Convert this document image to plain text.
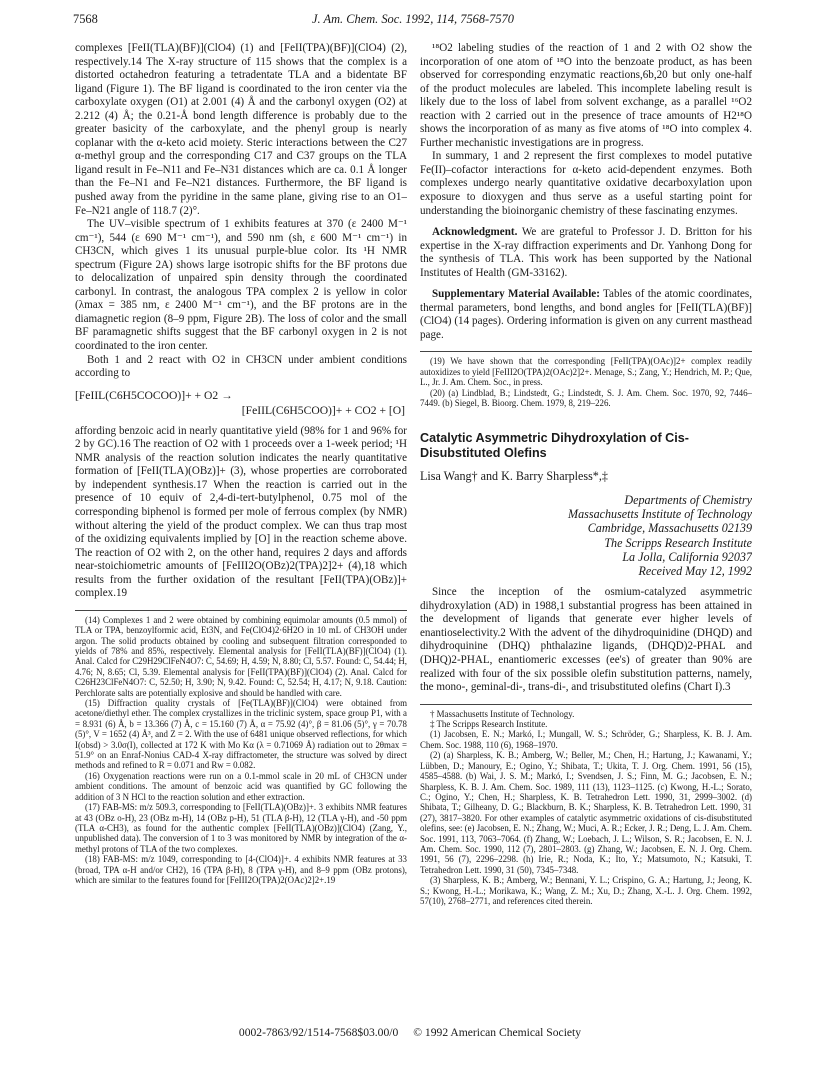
7568	J. Am. Chem. Soc. 1992, 114, 7568-7570

complexes [FeII(TLA)(BF)](ClO4) (1) and [FeII(TPA)(BF)](ClO4) (2), respectively.14 The X-ray structure of 115 shows that the complex is a distorted octahedron featuring a tetradentate TLA and a bidentate BF ligand (Figure 1). The BF ligand is coordinated to the iron center via the carboxylate oxygen (O1) at 2.001 (4) Å and the carbonyl oxygen (O2) at 2.212 (4) Å; the 0.21-Å bond length difference is probably due to the greater basicity of the carboxylate, and the phenyl group is nearly coplanar with the α-keto acid moiety. Steric interactions between the C27 α-methyl group and the corresponding C17 and C37 groups on the TLA ligand result in Fe–N11 and Fe–N31 distances which are ca. 0.1 Å longer than the Fe–N1 and Fe–N21 distances. Furthermore, the BF ligand is pushed away from the pyridine in the same plane, giving rise to an O1–Fe–N21 angle of 118.7 (2)°.

The UV–visible spectrum of 1 exhibits features at 370 (ε 2400 M⁻¹ cm⁻¹), 544 (ε 690 M⁻¹ cm⁻¹), and 590 nm (sh, ε 600 M⁻¹ cm⁻¹) in CH3CN, which gives 1 its unusual purple-blue color. Its ¹H NMR spectrum (Figure 2A) shows large isotropic shifts for the BF protons due to delocalization of unpaired spin density through the coordinated carbonyl. In contrast, the analogous TPA complex 2 is yellow in color (λmax = 385 nm, ε 2400 M⁻¹ cm⁻¹), and the BF protons are in the diamagnetic region (8–9 ppm, Figure 2B). The loss of color and the small BF paramagnetic shifts suggest that the BF carbonyl oxygen in 2 is not coordinated to the iron center.

Both 1 and 2 react with O2 in CH3CN under ambient conditions according to

[FeIIL(C6H5COCOO)]+ + O2 →
[FeIIL(C6H5COO)]+ + CO2 + [O]

affording benzoic acid in nearly quantitative yield (98% for 1 and 96% for 2 by GC).16 The reaction of O2 with 1 proceeds over a 1-week period; ¹H NMR analysis of the reaction solution indicates the nearly quantitative formation of [FeII(TLA)(OBz)]+ (3), whose properties are corroborated by independent synthesis.17 When the reaction is carried out in the presence of 10 equiv of 2,4-di-tert-butylphenol, 0.75 mol of the corresponding biphenol is formed per mole of ferrous complex (by NMR) without altering the yield of the product complex. We can thus trap most of the oxidizing equivalents implied by [O] in the reaction scheme above. The reaction of O2 with 2, on the other hand, requires 2 days and affords near-stoichiometric amounts of [FeIII2O(OBz)2(TPA)2]2+ (4),18 which results from the further oxidation of the resultant [FeII(TPA)(OBz)]+ complex.19

(14) Complexes 1 and 2 were obtained by combining equimolar amounts (0.5 mmol) of TLA or TPA, benzoylformic acid, Et3N, and Fe(ClO4)2·6H2O in 10 mL of CH3OH under argon. The solid products obtained by cooling and subsequent filtration corresponded to yields of 78% and 85%, respectively. Elemental analysis for [FeII(TLA)(BF)](ClO4) (1). Anal. Calcd for C29H29ClFeN4O7: C, 54.69; H, 4.59; N, 8.80; Cl, 5.57. Found: C, 54.44; H, 4.76; N, 8.65; Cl, 5.39. Elemental analysis for [FeII(TPA)(BF)](ClO4) (2). Anal. Calcd for C26H23ClFeN4O7: C, 52.50; H, 3.90; N, 9.42. Found: C, 52.54; H, 4.17; N, 9.18. Caution: Perchlorate salts are potentially explosive and should be handled with care.

(15) Diffraction quality crystals of [Fe(TLA)(BF)](ClO4) were obtained from acetone/diethyl ether. The complex crystallizes in the triclinic system, space group P1, with a = 8.931 (6) Å, b = 13.366 (7) Å, c = 15.160 (7) Å, α = 75.92 (4)°, β = 81.06 (5)°, γ = 70.78 (5)°, V = 1652 (4) Å³, and Z = 2. With the use of 6481 unique observed reflections, for which I(obsd) > 3.0σ(I), collected at 172 K with Mo Kα (λ = 0.71069 Å) radiation out to 2θmax = 51.9° on an Enraf-Nonius CAD-4 X-ray diffractometer, the structure was solved by direct methods and refined to R = 0.071 and Rw = 0.082.

(16) Oxygenation reactions were run on a 0.1-mmol scale in 20 mL of CH3CN under ambient conditions. The amount of benzoic acid was quantified by GC following the addition of 3 N HCl to the reaction solution and ether extraction.

(17) FAB-MS: m/z 509.3, corresponding to [FeII(TLA)(OBz)]+. 3 exhibits NMR features at 43 (OBz o-H), 23 (OBz m-H), 14 (OBz p-H), 51 (TLA β-H), 12 (TLA γ-H), and -50 ppm (TLA α-CH3), as found for the authentic complex [FeII(TLA)(OBz)](ClO4) (Zang, Y., unpublished data). The conversion of 1 to 3 was monitored by NMR by integration of the α-methyl protons of TLA of the two complexes.

(18) FAB-MS: m/z 1049, corresponding to [4-(ClO4)]+. 4 exhibits NMR features at 33 (broad, TPA α-H and/or CH2), 16 (TPA β-H), 8 (TPA γ-H), and 8–9 ppm (OBz protons), which are similar to the features found for [FeIII2O(TPA)2(OAc)2]2+.19

¹⁸O2 labeling studies of the reaction of 1 and 2 with O2 show the incorporation of one atom of ¹⁸O into the benzoate product, as has been observed for corresponding enzymatic reactions,6b,20 but only one-half of the product molecules are labeled. This incomplete labeling result is likely due to the loss of label from solvent exchange, as a parallel ¹⁶O2 reaction with 2 carried out in the presence of trace amounts of H2¹⁸O shows the incorporation of as many as five atoms of ¹⁸O into complex 4. Further mechanistic investigations are in progress.

In summary, 1 and 2 represent the first complexes to model putative Fe(II)–cofactor interactions for α-keto acid-dependent enzymes. Both complexes undergo nearly quantitative oxidative decarboxylation upon exposure to dioxygen and thus serve as a useful starting point for understanding the bioinorganic chemistry of these fascinating enzymes.

Acknowledgment. We are grateful to Professor J. D. Britton for his expertise in the X-ray diffraction experiments and Dr. Yanhong Dong for the synthesis of TLA. This work has been supported by the National Institutes of Health (GM-33162).

Supplementary Material Available: Tables of the atomic coordinates, thermal parameters, bond lengths, and bond angles for [FeII(TLA)(BF)](ClO4) (14 pages). Ordering information is given on any current masthead page.

(19) We have shown that the corresponding [FeII(TPA)(OAc)]2+ complex readily autoxidizes to yield [FeIII2O(TPA)2(OAc)2]2+. Menage, S.; Zang, Y.; Hendrich, M. P.; Que, L., Jr. J. Am. Chem. Soc., in press.

(20) (a) Lindblad, B.; Lindstedt, G.; Lindstedt, S. J. Am. Chem. Soc. 1970, 92, 7446–7449. (b) Siegel, B. Bioorg. Chem. 1979, 8, 219–226.

Catalytic Asymmetric Dihydroxylation of Cis-Disubstituted Olefins
Lisa Wang† and K. Barry Sharpless*,‡
Departments of Chemistry
Massachusetts Institute of Technology
Cambridge, Massachusetts 02139
The Scripps Research Institute
La Jolla, California 92037
Received May 12, 1992

Since the inception of the osmium-catalyzed asymmetric dihydroxylation (AD) in 1988,1 substantial progress has been attained in the development of ligands that generate ever higher levels of enantioselectivity.2 With the advent of the dihydroquinidine (DHQD) and dihydroquinine (DHQ) phthalazine ligands, (DHQD)2-PHAL and (DHQ)2-PHAL, enantiomeric excesses (ee's) of greater than 90% are realized with four of the six possible olefin substitution patterns, namely, the mono-, geminal-di-, trans-di-, and trisubstituted olefins (Chart I).3

† Massachusetts Institute of Technology.

‡ The Scripps Research Institute.

(1) Jacobsen, E. N.; Markó, I.; Mungall, W. S.; Schröder, G.; Sharpless, K. B. J. Am. Chem. Soc. 1988, 110 (6), 1968–1970.

(2) (a) Sharpless, K. B.; Amberg, W.; Beller, M.; Chen, H.; Hartung, J.; Kawanami, Y.; Lübben, D.; Manoury, E.; Ogino, Y.; Shibata, T.; Ukita, T. J. Org. Chem. 1991, 56 (15), 4585–4588. (b) Wai, J. S. M.; Markó, I.; Svendsen, J. S.; Finn, M. G.; Jacobsen, E. N.; Sharpless, K. B. J. Am. Chem. Soc. 1989, 111 (13), 1123–1125. (c) Kwong, H.-L.; Sorato, C.; Ogino, Y.; Chen, H.; Sharpless, K. B. Tetrahedron Lett. 1990, 31, 2999–3002. (d) Shibata, T.; Gilheany, D. G.; Blackburn, B. K.; Sharpless, K. B. Tetrahedron Lett. 1990, 31 (27), 3817–3820. For other examples of catalytic asymmetric oxidations of cis-disubstituted olefins, see: (e) Jacobsen, E. N.; Zhang, W.; Muci, A. R.; Ecker, J. R.; Deng, L. J. Am. Chem. Soc. 1991, 113, 7063–7064. (f) Zhang, W.; Loebach, J. L.; Wilson, S. R.; Jacobsen, E. N. J. Am. Chem. Soc. 1990, 112 (7), 2801–2803. (g) Zhang, W.; Jacobsen, E. N. J. Org. Chem. 1991, 56 (7), 2296–2298. (h) Irie, R.; Noda, K.; Ito, Y.; Matsumoto, N.; Katsuki, T. Tetrahedron Lett. 1990, 31 (50), 7345–7348.

(3) Sharpless, K. B.; Amberg, W.; Bennani, Y. L.; Crispino, G. A.; Hartung, J.; Jeong, K. S.; Kwong, H.-L.; Morikawa, K.; Wang, Z. M.; Xu, D.; Zhang, X.-L. J. Org. Chem. 1992, 57(10), 2768–2771, and references cited therein.

0002-7863/92/1514-7568$03.00/0 © 1992 American Chemical Society
